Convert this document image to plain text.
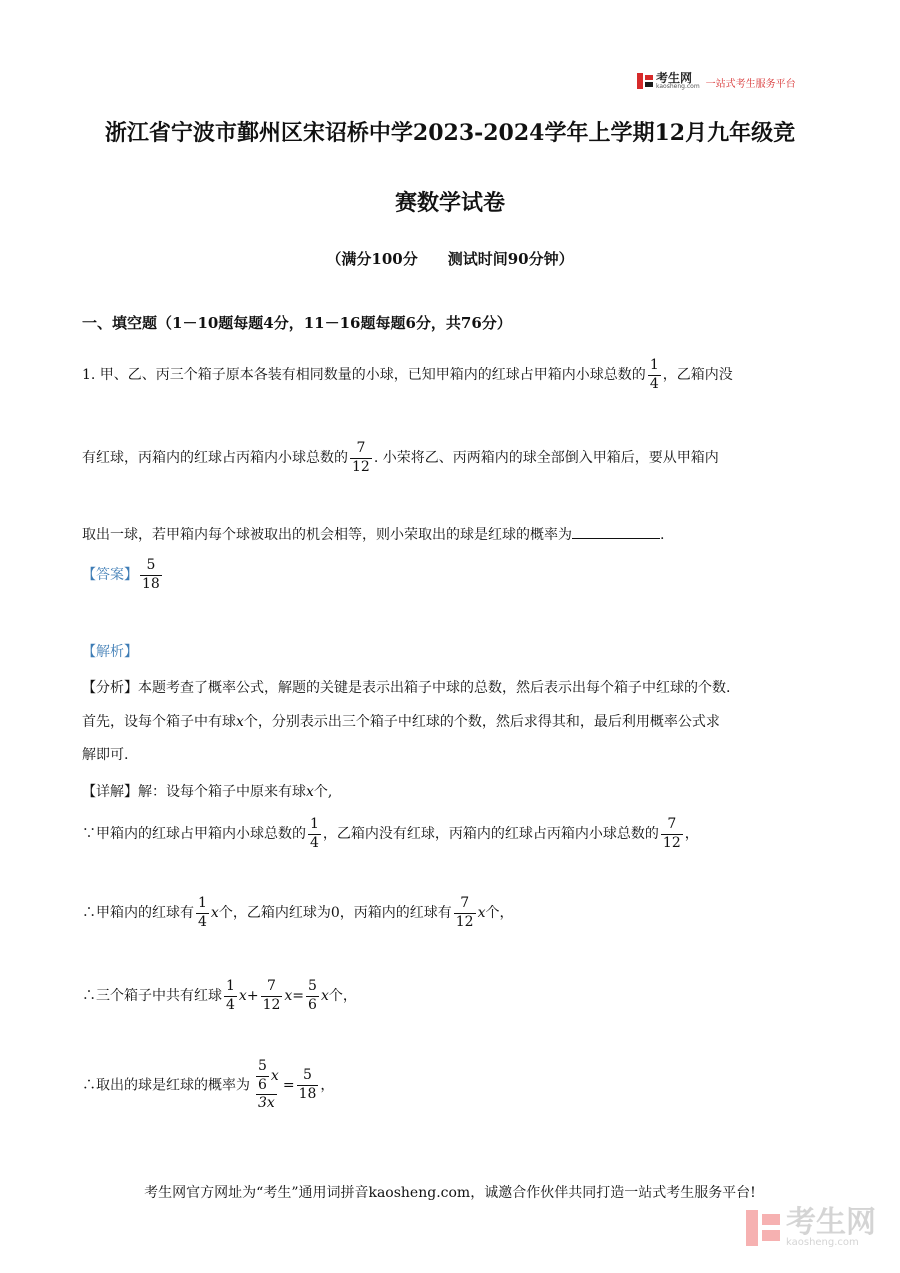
考生网
kaosheng.com 一站式考生服务平台
浙江省宁波市鄞州区宋诏桥中学2023-2024学年上学期12月九年级竞
赛数学试卷
（满分100分　　测试时间90分钟）
一、填空题（1－10题每题4分，11－16题每题6分，共76分）
1. 甲、乙、丙三个箱子原本各装有相同数量的小球，已知甲箱内的红球占甲箱内小球总数的 $\frac{1}{4}$ ，乙箱内没
有红球，丙箱内的红球占丙箱内小球总数的 $\frac{7}{12}$ . 小荣将乙、丙两箱内的球全部倒入甲箱后，要从甲箱内
取出一球，若甲箱内每个球被取出的机会相等，则小荣取出的球是红球的概率为	.
【答案】 $\frac{5}{18}$
【解析】
【分析】本题考查了概率公式，解题的关键是表示出箱子中球的总数，然后表示出每个箱子中红球的个数.
首先，设每个箱子中有球x个，分别表示出三个箱子中红球的个数，然后求得其和，最后利用概率公式求
解即可.
【详解】解：设每个箱子中原来有球x个,
∵甲箱内的红球占甲箱内小球总数的 $\frac{1}{4}$ ，乙箱内没有红球，丙箱内的红球占丙箱内小球总数的 $\frac{7}{12}$ ，
∴甲箱内的红球有 $\frac{1}{4}$ x个，乙箱内红球为0，丙箱内的红球有 $\frac{7}{12}$ x个，
∴三个箱子中共有红球 $\frac{1}{4} x+ \frac{7}{12} x= \frac{5}{6}$ x个，
∴取出的球是红球的概率为 $\frac{\frac{5}{6} x}{3x} = \frac{5}{18}$ ，
考生网官方网址为“考生”通用词拼音kaosheng.com，诚邀合作伙伴共同打造一站式考生服务平台!
考生网
kaosheng.com
